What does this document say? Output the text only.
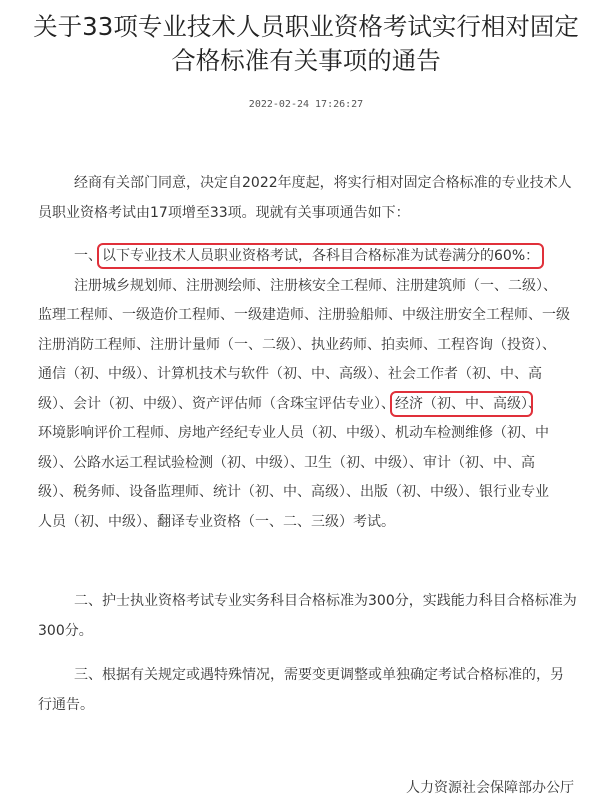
关于33项专业技术人员职业资格考试实行相对固定
合格标准有关事项的通告
2022-02-24 17:26:27
经商有关部门同意，决定自2022年度起，将实行相对固定合格标准的专业技术人
员职业资格考试由17项增至33项。现就有关事项通告如下：
一、以下专业技术人员职业资格考试，各科目合格标准为试卷满分的60%：
注册城乡规划师、注册测绘师、注册核安全工程师、注册建筑师（一、二级）、
监理工程师、一级造价工程师、一级建造师、注册验船师、中级注册安全工程师、一级
注册消防工程师、注册计量师（一、二级）、执业药师、拍卖师、工程咨询（投资）、
通信（初、中级）、计算机技术与软件（初、中、高级）、社会工作者（初、中、高
级）、会计（初、中级）、资产评估师（含珠宝评估专业）、经济（初、中、高级）、
环境影响评价工程师、房地产经纪专业人员（初、中级）、机动车检测维修（初、中
级）、公路水运工程试验检测（初、中级）、卫生（初、中级）、审计（初、中、高
级）、税务师、设备监理师、统计（初、中、高级）、出版（初、中级）、银行业专业
人员（初、中级）、翻译专业资格（一、二、三级）考试。
二、护士执业资格考试专业实务科目合格标准为300分，实践能力科目合格标准为
300分。
三、根据有关规定或遇特殊情况，需要变更调整或单独确定考试合格标准的，另
行通告。
人力资源社会保障部办公厅
